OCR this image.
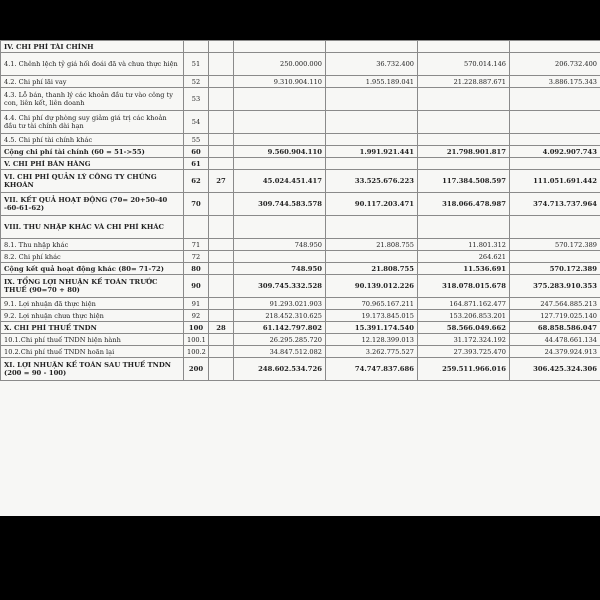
IV. CHI PHÍ TÀI CHÍNH						
4.1. Chênh lệch tỷ giá hối đoái đã và chưa thực hiện	51		250.000.000	36.732.400	570.014.146	206.732.400
4.2. Chi phí lãi vay	52		9.310.904.110	1.955.189.041	21.228.887.671	3.886.175.343
4.3. Lỗ bán, thanh lý các khoản đầu tư vào công ty con, liên kết, liên doanh	53					
4.4. Chi phí dự phòng suy giảm giá trị các khoản đầu tư tài chính dài hạn	54					
4.5. Chi phí tài chính khác	55					
Cộng chi phí tài chính (60 = 51->55)	60		9.560.904.110	1.991.921.441	21.798.901.817	4.092.907.743
V. CHI PHÍ BÁN HÀNG	61					
VI. CHI PHÍ QUẢN LÝ CÔNG TY CHỨNG KHOÁN	62	27	45.024.451.417	33.525.676.223	117.384.508.597	111.051.691.442
VII. KẾT QUẢ HOẠT ĐỘNG (70= 20+50-40 -60-61-62)	70		309.744.583.578	90.117.203.471	318.066.478.987	374.713.737.964
VIII. THU NHẬP KHÁC VÀ CHI PHÍ KHÁC						
8.1. Thu nhập khác	71		748.950	21.808.755	11.801.312	570.172.389
8.2. Chi phí khác	72				264.621	
Cộng kết quả hoạt động khác (80= 71-72)	80		748.950	21.808.755	11.536.691	570.172.389
IX. TỔNG LỢI NHUẬN KẾ TOÁN TRƯỚC THUẾ (90=70 + 80)	90		309.745.332.528	90.139.012.226	318.078.015.678	375.283.910.353
9.1. Lợi nhuận đã thực hiện	91		91.293.021.903	70.965.167.211	164.871.162.477	247.564.885.213
9.2. Lợi nhuận chưa thực hiện	92		218.452.310.625	19.173.845.015	153.206.853.201	127.719.025.140
X. CHI PHÍ THUẾ TNDN	100	28	61.142.797.802	15.391.174.540	58.566.049.662	68.858.586.047
10.1.Chi phí thuế TNDN hiện hành	100.1		26.295.285.720	12.128.399.013	31.172.324.192	44.478.661.134
10.2.Chi phí thuế TNDN hoãn lại	100.2		34.847.512.082	3.262.775.527	27.393.725.470	24.379.924.913
XI. LỢI NHUẬN KẾ TOÁN SAU THUẾ TNDN (200 = 90 - 100)	200		248.602.534.726	74.747.837.686	259.511.966.016	306.425.324.306
